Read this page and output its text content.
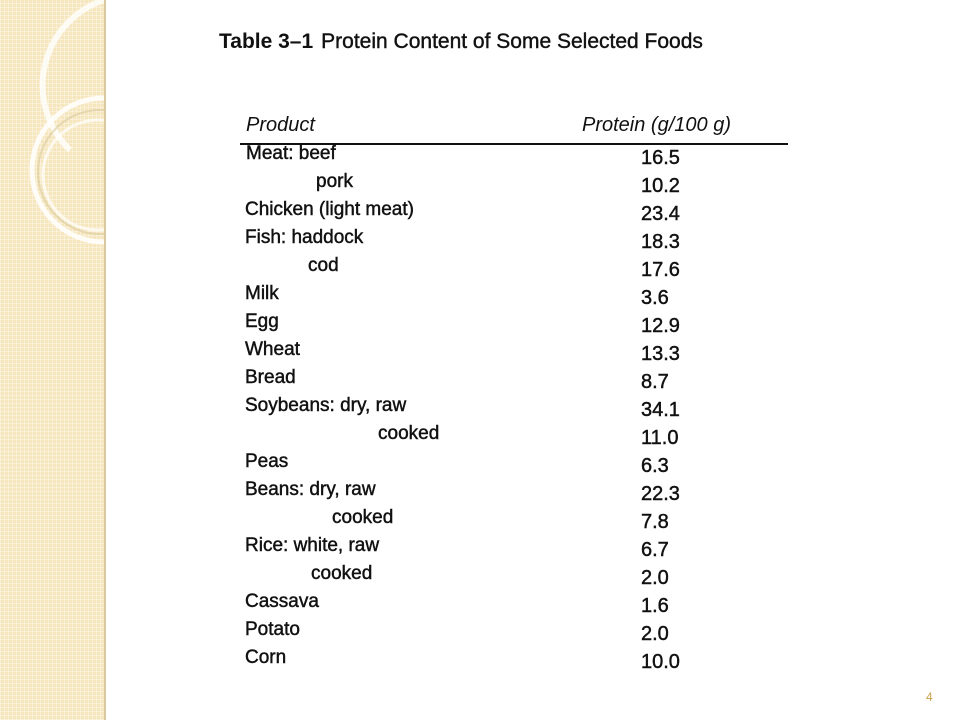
Table 3–1 Protein Content of Some Selected Foods
Product	Protein (g/100 g)
Meat: beef	16.5
pork	10.2
Chicken (light meat)	23.4
Fish: haddock	18.3
cod	17.6
Milk	3.6
Egg	12.9
Wheat	13.3
Bread	8.7
Soybeans: dry, raw	34.1
cooked	11.0
Peas	6.3
Beans: dry, raw	22.3
cooked	7.8
Rice: white, raw	6.7
cooked	2.0
Cassava	1.6
Potato	2.0
Corn	10.0
4
